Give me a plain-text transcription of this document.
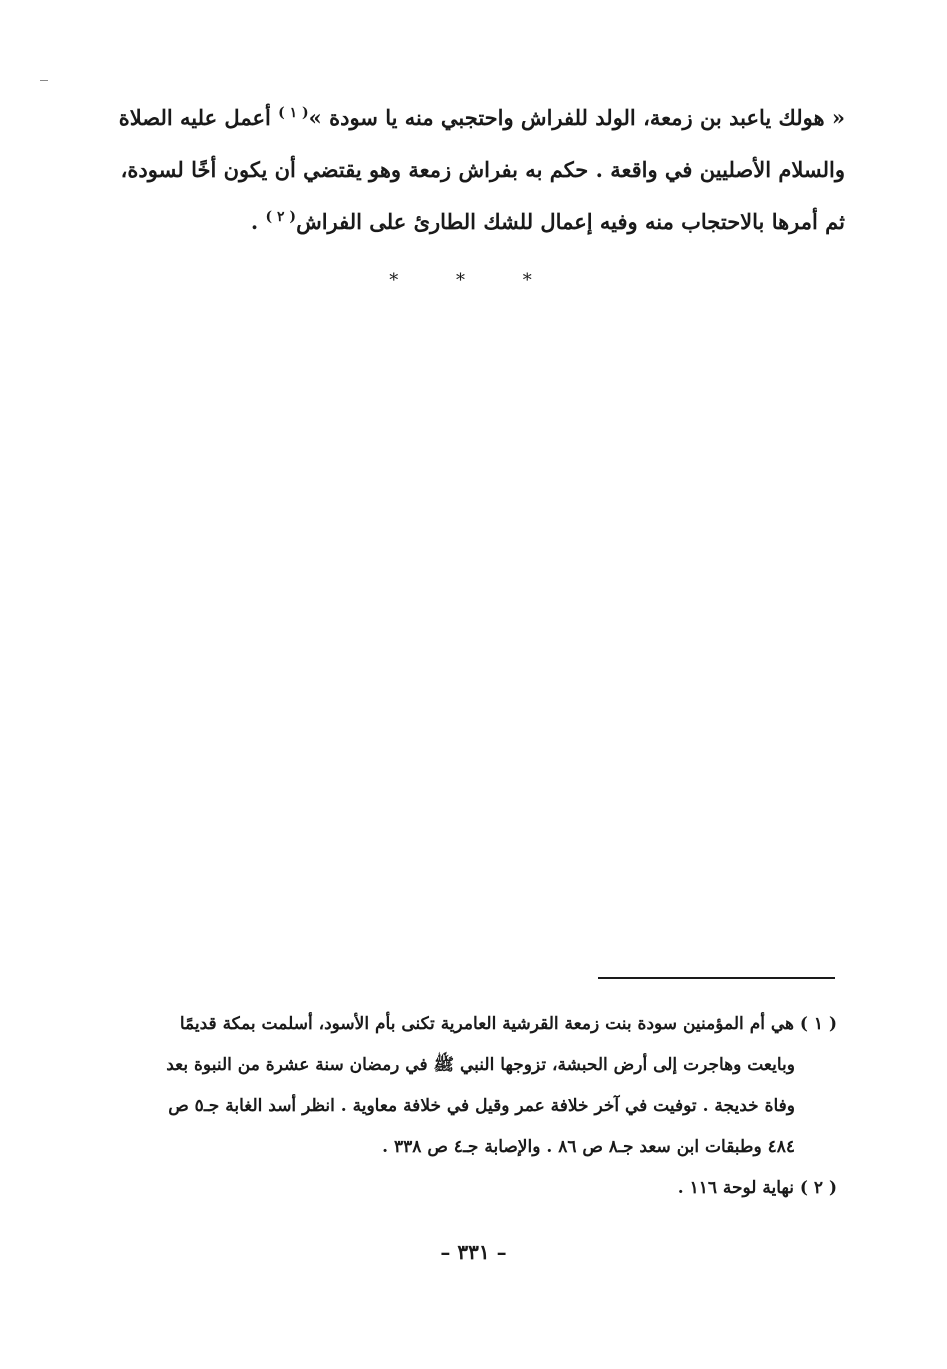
« هولك ياعبد بن زمعة، الولد للفراش واحتجبي منه يا سودة »$^{( ١ )}$ أعمل عليه الصلاة
والسلام الأصليين في واقعة . حكم به بفراش زمعة وهو يقتضي أن يكون أخًا لسودة،
ثم أمرها بالاحتجاب منه وفيه إعمال للشك الطارئ على الفراش$^{( ٢ )}$ .
* * *
( ١ ) هي أم المؤمنين سودة بنت زمعة القرشية العامرية تكنى بأم الأسود، أسلمت بمكة قديمًا
وبايعت وهاجرت إلى أرض الحبشة، تزوجها النبي ﷺ في رمضان سنة عشرة من النبوة بعد
وفاة خديجة . توفيت في آخر خلافة عمر وقيل في خلافة معاوية . انظر أسد الغابة جـ٥ ص
٤٨٤ وطبقات ابن سعد جـ٨ ص ٨٦ . والإصابة جـ٤ ص ٣٣٨ .
( ٢ ) نهاية لوحة ١١٦ .
– ٣٣١ –
